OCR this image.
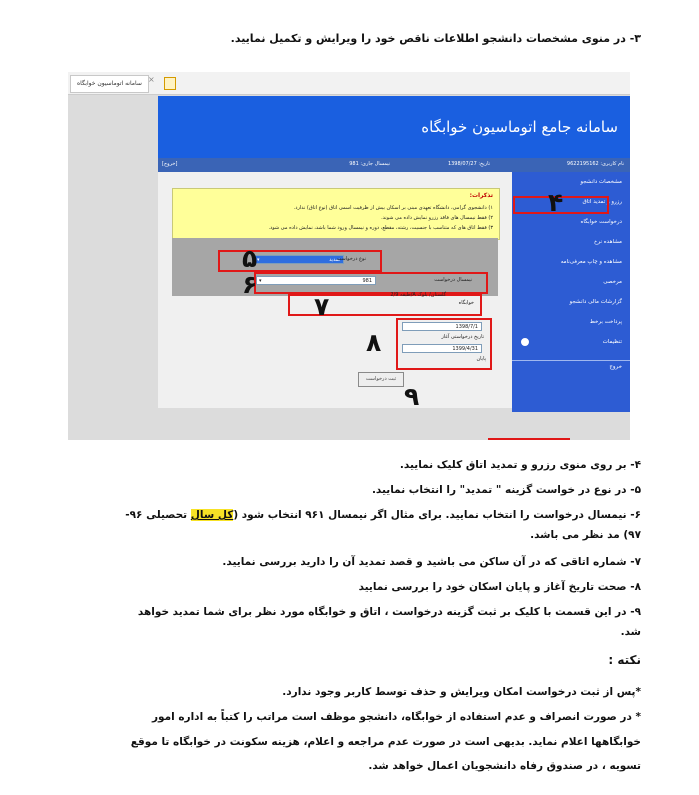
۳- در منوی مشخصات دانشجو اطلاعات ناقص خود را ویرایش و تکمیل نمایید.
سامانه اتوماسیون خوابگاه ×
سامانه جامع اتوماسیون خوابگاه
نام کاربری: 9622195162
تاریخ: 1398/07/27
نیمسال جاری: 981
[خروج]
مشخصات دانشجو
رزرو و تمدید اتاق
درخواست خوابگاه
مشاهده نرخ
مشاهده و چاپ معرفی‌نامه
مرخصی
گزارشات مالی دانشجو
پرداخت برخط
تنظیمات
خروج
تذکرات:
۱) دانشجوی گرامی، دانشگاه تعهدی مبنی بر اسکان بیش از ظرفیت اسمی اتاق (نوع اتاق) ندارد.
۲) فقط نیمسال های فاقد رزرو نمایش داده می شوند.
۳) فقط اتاق های که متناسب با جنسیت، رشته، مقطع، دوره و نیمسال ورود شما باشد، نمایش داده می شود.
▾	تمدید
نوع درخواست
▾	981	نیمسال درخواست
خوابگاه
گلستان/ بلوک A/طبقه 2/9
1398/7/1
تاریخ درخواستی آغاز
1399/4/31
پایان
ثبت درخواست
۴
۵
۶
۷
۸
۹
۴- بر روی منوی رزرو و تمدید اتاق کلیک نمایید.
۵- در نوع در خواست گزینه " تمدید" را انتخاب نمایید.
۶- نیمسال درخواست را انتخاب نمایید. برای مثال اگر نیمسال ۹۶۱ انتخاب شود (کل سال تحصیلی ۹۶-
۹۷) مد نظر می باشد.
۷- شماره اتاقی که در آن ساکن می باشید و قصد تمدید آن را دارید بررسی نمایید.
۸- صحت تاریخ آغاز و پایان اسکان خود را بررسی نمایید
۹- در این قسمت با کلیک بر ثبت گزینه درخواست ، اتاق و خوابگاه مورد نظر برای شما تمدید خواهد
شد.
نکته :
*پس از ثبت درخواست امکان ویرایش و حذف توسط کاربر وجود ندارد.
* در صورت انصراف و عدم استفاده از خوابگاه، دانشجو موظف است مراتب را کتباً به اداره امور
خوابگاهها اعلام نماید. بدیهی است در صورت عدم مراجعه و اعلام، هزینه سکونت در خوابگاه تا موقع
تسویه ، در صندوق رفاه دانشجویان اعمال خواهد شد.
